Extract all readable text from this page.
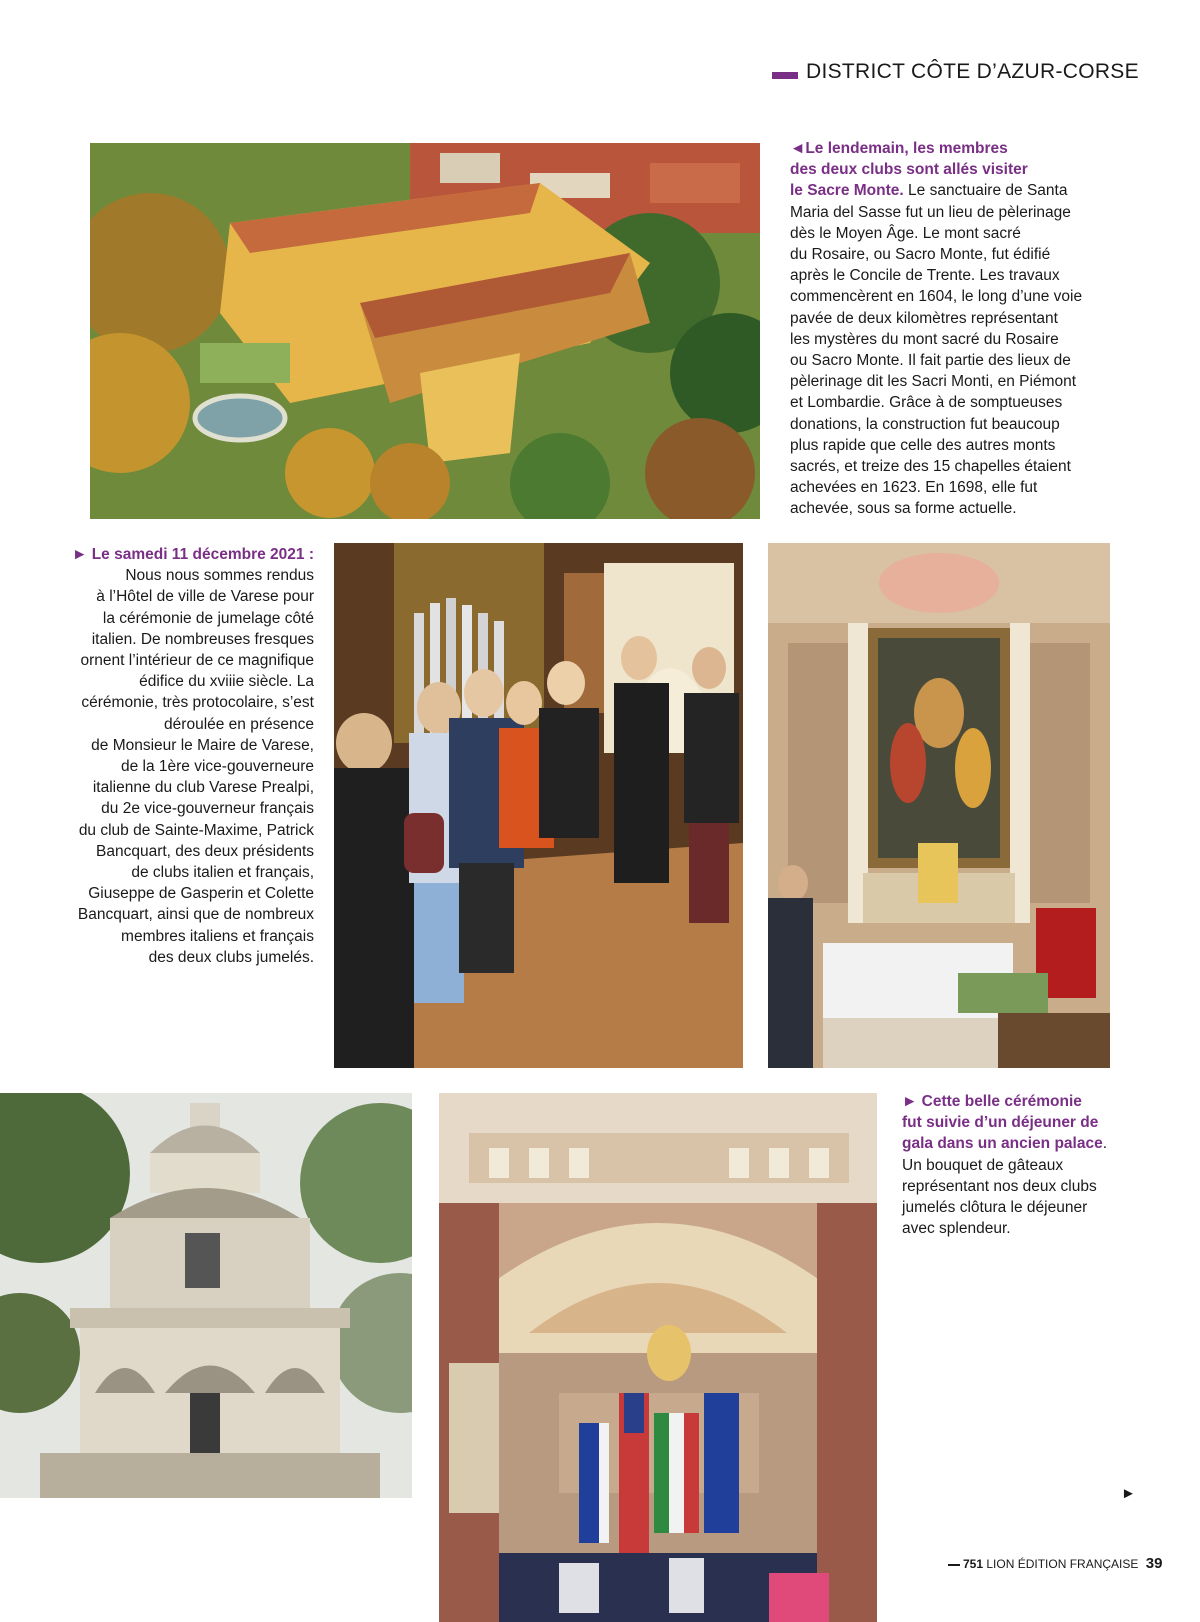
DISTRICT CÔTE D’AZUR-CORSE
◄Le lendemain, les membres
des deux clubs sont allés visiter
le Sacre Monte. Le sanctuaire de Santa
Maria del Sasse fut un lieu de pèlerinage
dès le Moyen Âge. Le mont sacré
du Rosaire, ou Sacro Monte, fut édifié
après le Concile de Trente. Les travaux
commencèrent en 1604, le long d’une voie
pavée de deux kilomètres représentant
les mystères du mont sacré du Rosaire
ou Sacro Monte. Il fait partie des lieux de
pèlerinage dit les Sacri Monti, en Piémont
et Lombardie. Grâce à de somptueuses
donations, la construction fut beaucoup
plus rapide que celle des autres monts
sacrés, et treize des 15 chapelles étaient
achevées en 1623. En 1698, elle fut
achevée, sous sa forme actuelle.
► Le samedi 11 décembre 2021 :
Nous nous sommes rendus
à l’Hôtel de ville de Varese pour
la cérémonie de jumelage côté
italien. De nombreuses fresques
ornent l’intérieur de ce magnifique
édifice du xviiie siècle. La
cérémonie, très protocolaire, s’est
déroulée en présence
de Monsieur le Maire de Varese,
de la 1ère vice-gouverneure
italienne du club Varese Prealpi,
du 2e vice-gouverneur français
du club de Sainte-Maxime, Patrick
Bancquart, des deux présidents
de clubs italien et français,
Giuseppe de Gasperin et Colette
Bancquart, ainsi que de nombreux
membres italiens et français
des deux clubs jumelés.
► Cette belle cérémonie
fut suivie d’un déjeuner de
gala dans un ancien palace.
Un bouquet de gâteaux
représentant nos deux clubs
jumelés clôtura le déjeuner
avec splendeur.
►
751 LION ÉDITION FRANÇAISE 39
